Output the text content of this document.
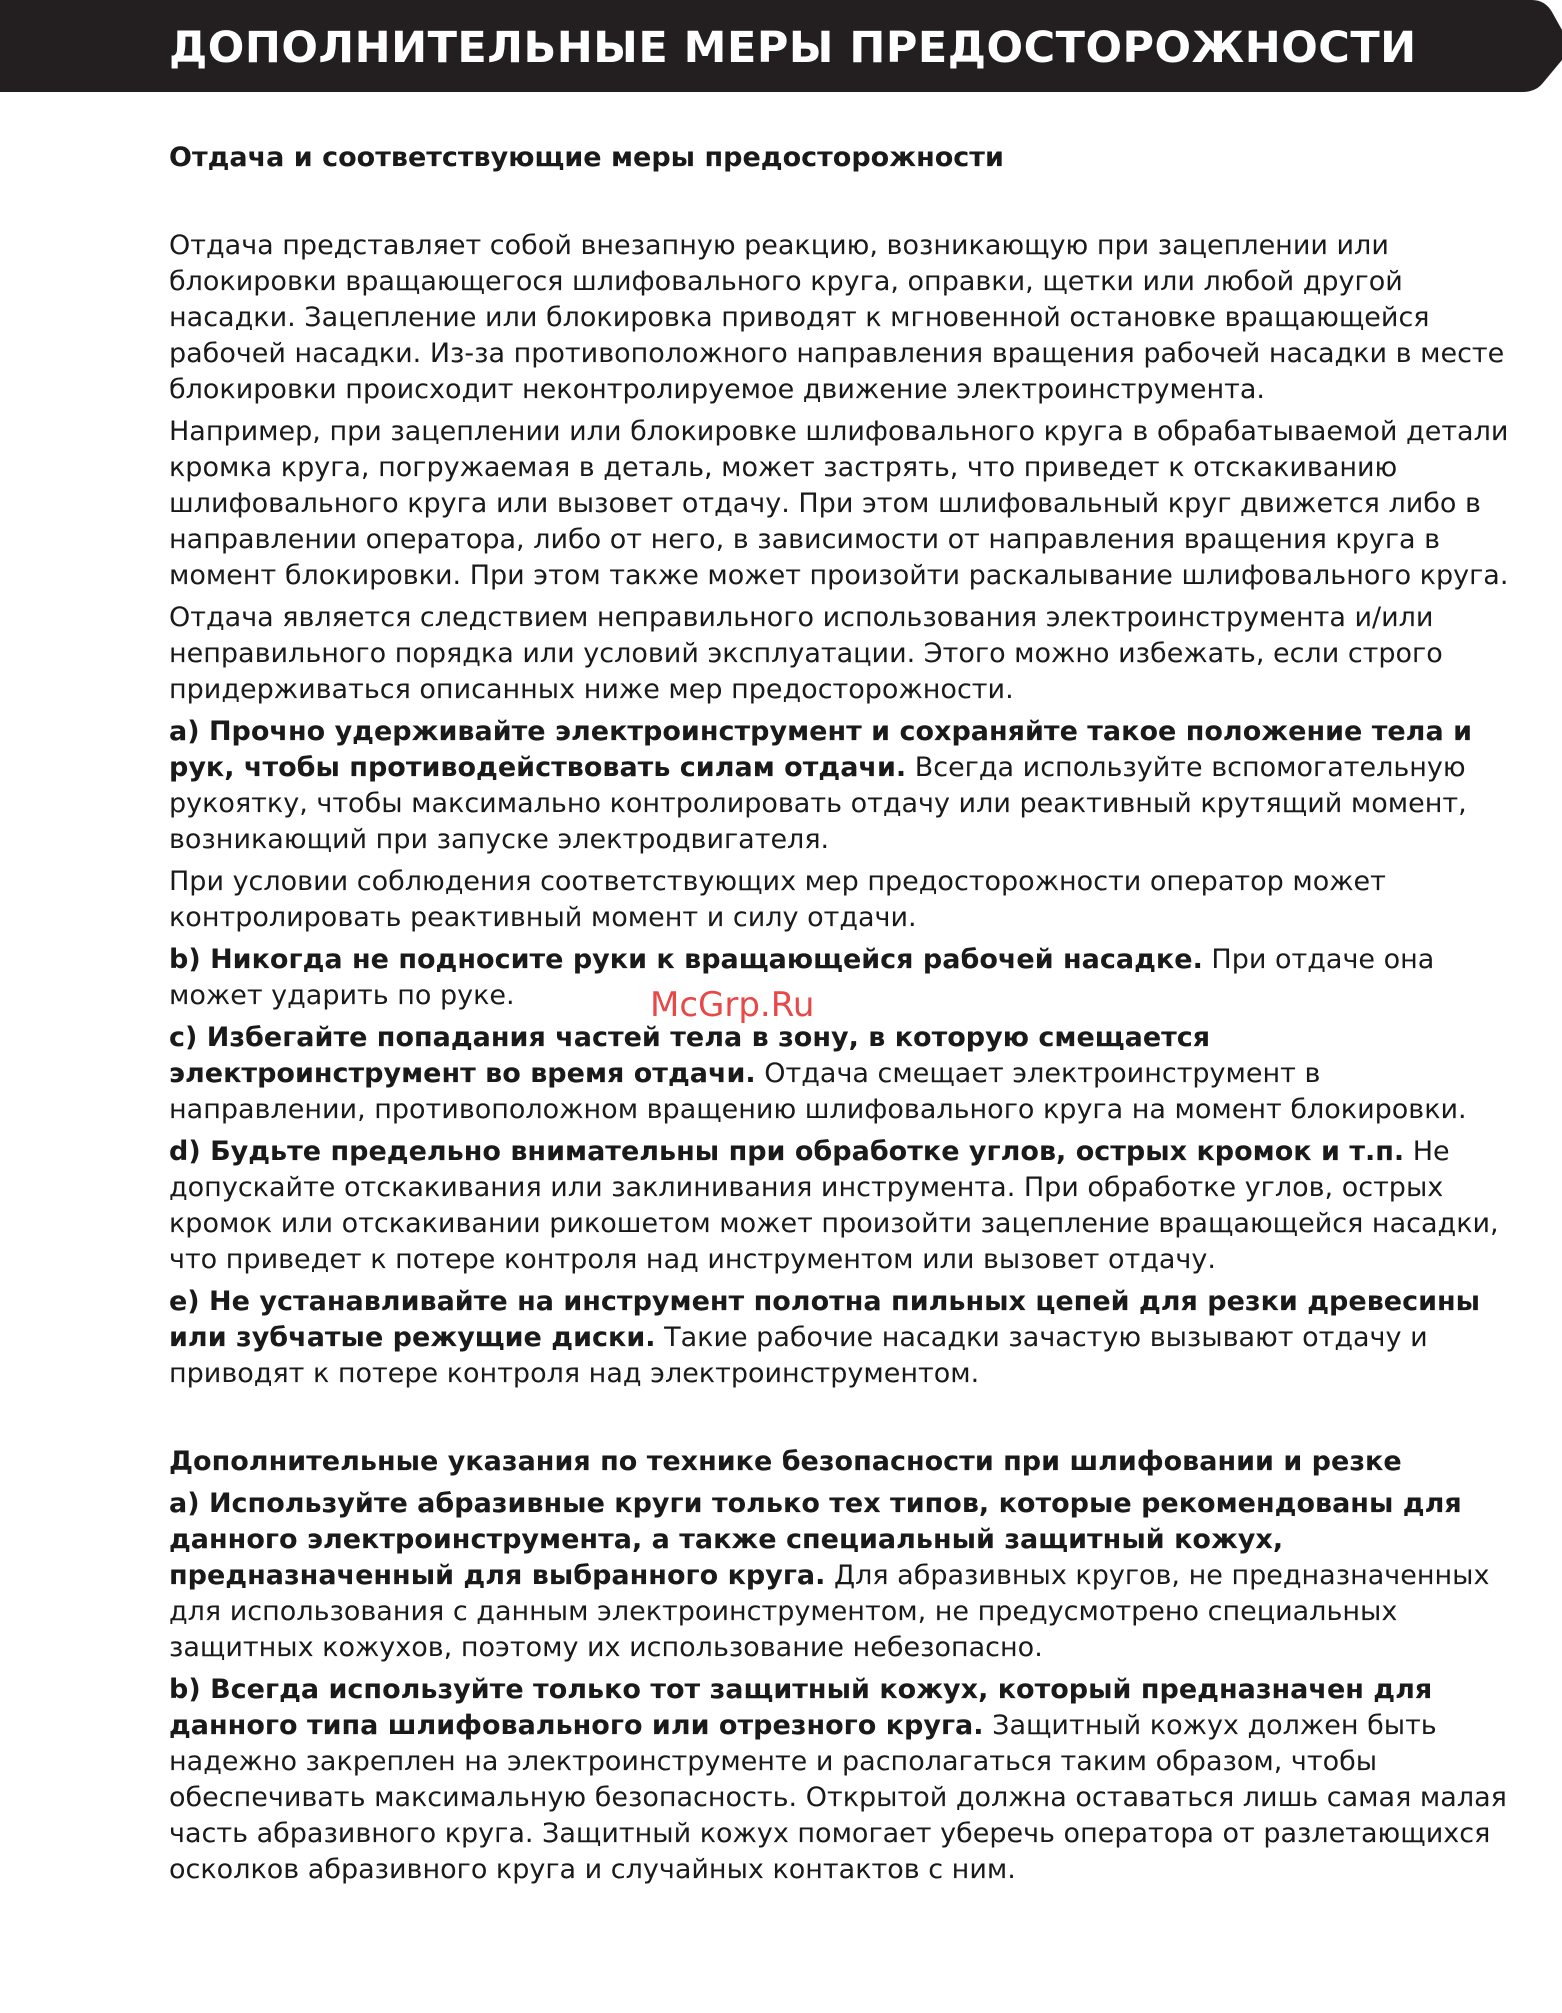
ДОПОЛНИТЕЛЬНЫЕ МЕРЫ ПРЕДОСТОРОЖНОСТИ
Отдача и соответствующие меры предосторожности

Отдача представляет собой внезапную реакцию, возникающую при зацеплении или блокировки вращающегося шлифовального круга, оправки, щетки или любой другой насадки. Зацепление или блокировка приводят к мгновенной остановке вращающейся рабочей насадки. Из-за противоположного направления вращения рабочей насадки в месте блокировки происходит неконтролируемое движение электроинструмента.

Например, при зацеплении или блокировке шлифовального круга в обрабатываемой детали кромка круга, погружаемая в деталь, может застрять, что приведет к отскакиванию шлифовального круга или вызовет отдачу. При этом шлифовальный круг движется либо в направлении оператора, либо от него, в зависимости от направления вращения круга в момент блокировки. При этом также может произойти раскалывание шлифовального круга.

Отдача является следствием неправильного использования электроинструмента и/или неправильного порядка или условий эксплуатации. Этого можно избежать, если строго придерживаться описанных ниже мер предосторожности.

a) Прочно удерживайте электроинструмент и сохраняйте такое положение тела и рук, чтобы противодействовать силам отдачи. Всегда используйте вспомогательную рукоятку, чтобы максимально контролировать отдачу или реактивный крутящий момент, возникающий при запуске электродвигателя.

При условии соблюдения соответствующих мер предосторожности оператор может контролировать реактивный момент и силу отдачи.

b) Никогда не подносите руки к вращающейся рабочей насадке. При отдаче она может ударить по руке.

c) Избегайте попадания частей тела в зону, в которую смещается электроинструмент во время отдачи. Отдача смещает электроинструмент в направлении, противоположном вращению шлифовального круга на момент блокировки.

d) Будьте предельно внимательны при обработке углов, острых кромок и т.п. Не допускайте отскакивания или заклинивания инструмента. При обработке углов, острых кромок или отскакивании рикошетом может произойти зацепление вращающейся насадки, что приведет к потере контроля над инструментом или вызовет отдачу.

e) Не устанавливайте на инструмент полотна пильных цепей для резки древесины или зубчатые режущие диски. Такие рабочие насадки зачастую вызывают отдачу и приводят к потере контроля над электроинструментом.

Дополнительные указания по технике безопасности при шлифовании и резке

a) Используйте абразивные круги только тех типов, которые рекомендованы для данного электроинструмента, а также специальный защитный кожух, предназначенный для выбранного круга. Для абразивных кругов, не предназначенных для использования с данным электроинструментом, не предусмотрено специальных защитных кожухов, поэтому их использование небезопасно.

b) Всегда используйте только тот защитный кожух, который предназначен для данного типа шлифовального или отрезного круга. Защитный кожух должен быть надежно закреплен на электроинструменте и располагаться таким образом, чтобы обеспечивать максимальную безопасность. Открытой должна оставаться лишь самая малая часть абразивного круга. Защитный кожух помогает уберечь оператора от разлетающихся осколков абразивного круга и случайных контактов с ним.

McGrp.Ru
